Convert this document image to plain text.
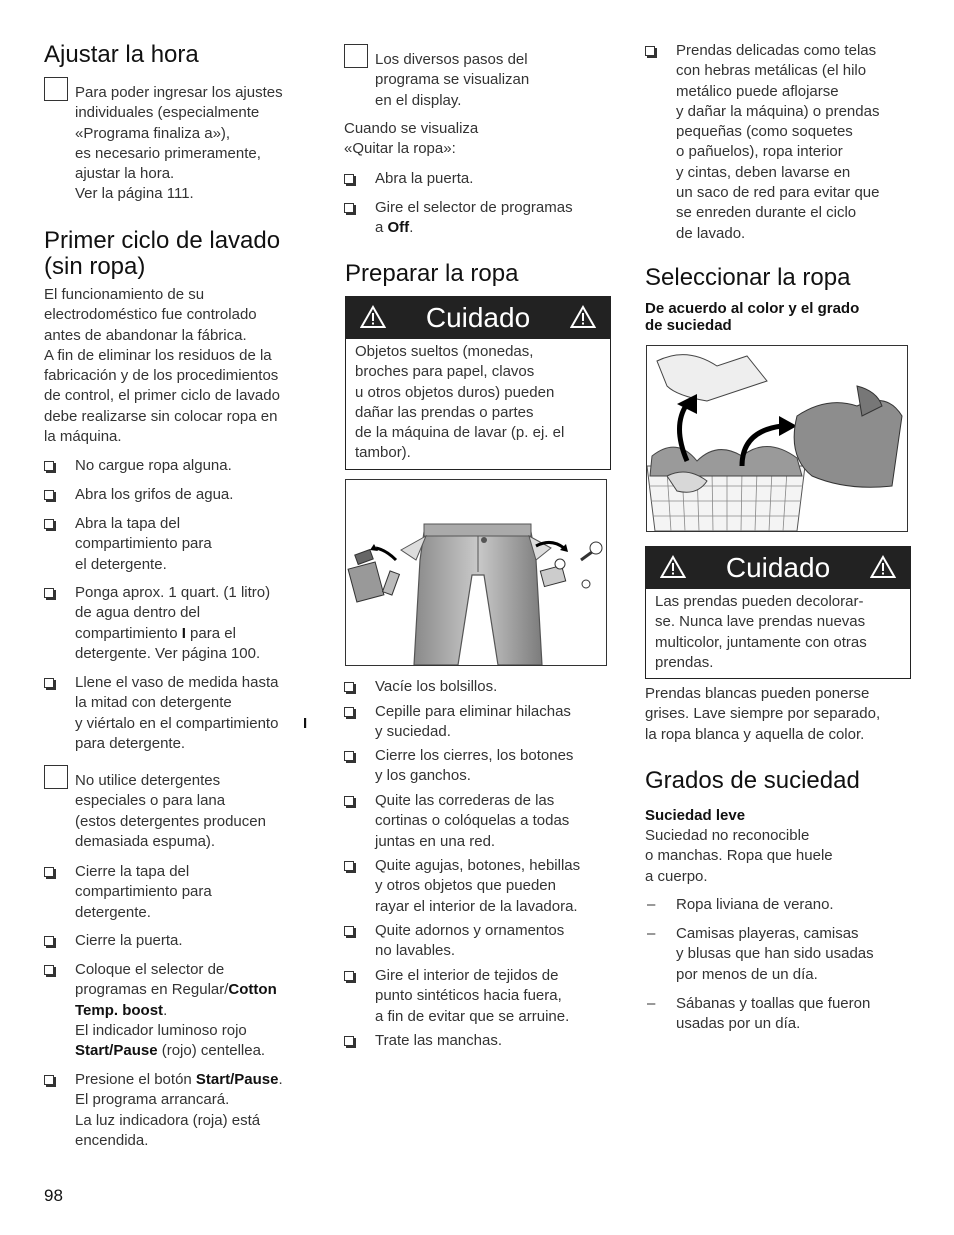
Ajustar la hora
Para poder ingresar los ajustes
individuales (especialmente
«Programa finaliza a»),
es necesario primeramente,
ajustar la hora.
Ver la página 111.
Primer ciclo de lavado
(sin ropa)
El funcionamiento de su
electrodoméstico fue controlado
antes de abandonar la fábrica.
A fin de eliminar los residuos de la
fabricación y de los procedimientos
de control, el primer ciclo de lavado
debe realizarse sin colocar ropa en
la máquina.
No cargue ropa alguna.
Abra los grifos de agua.
Abra la tapa del
compartimiento para
el detergente.
Ponga aprox. 1 quart. (1 litro)
de agua dentro del
compartimiento I para el
detergente. Ver página 100.
Llene el vaso de medida hasta
la mitad con detergente
y viértalo en el compartimiento I
para detergente.
No utilice detergentes
especiales o para lana
(estos detergentes producen
demasiada espuma).
Cierre la tapa del
compartimiento para
detergente.
Cierre la puerta.
Coloque el selector de
programas en Regular/Cotton
Temp. boost.
El indicador luminoso rojo
Start/Pause (rojo) centellea.
Presione el botón Start/Pause.
El programa arrancará.
La luz indicadora (roja) está
encendida.
98
Los diversos pasos del
programa se visualizan
en el display.
Cuando se visualiza
«Quitar la ropa»:
Abra la puerta.
Gire el selector de programas
a Off.
Preparar la ropa
Cuidado
Objetos sueltos (monedas,
broches para papel, clavos
u otros objetos duros) pueden
dañar las prendas o partes
de la máquina de lavar (p. ej. el
tambor).
Vacíe los bolsillos.
Cepille para eliminar hilachas
y suciedad.
Cierre los cierres, los botones
y los ganchos.
Quite las correderas de las
cortinas o colóquelas a todas
juntas en una red.
Quite agujas, botones, hebillas
y otros objetos que pueden
rayar el interior de la lavadora.
Quite adornos y ornamentos
no lavables.
Gire el interior de tejidos de
punto sintéticos hacia fuera,
a fin de evitar que se arruine.
Trate las manchas.
Prendas delicadas como telas
con hebras metálicas (el hilo
metálico puede aflojarse
y dañar la máquina) o prendas
pequeñas (como soquetes
o pañuelos), ropa interior
y cintas, deben lavarse en
un saco de red para evitar que
se enreden durante el ciclo
de lavado.
Seleccionar la ropa
De acuerdo al color y el grado
de suciedad
Cuidado
Las prendas pueden decolorar-
se. Nunca lave prendas nuevas
multicolor, juntamente con otras
prendas.
Prendas blancas pueden ponerse
grises. Lave siempre por separado,
la ropa blanca y aquella de color.
Grados de suciedad
Suciedad leve
Suciedad no reconocible
o manchas. Ropa que huele
a cuerpo.
– Ropa liviana de verano.
– Camisas playeras, camisas
y blusas que han sido usadas
por menos de un día.
– Sábanas y toallas que fueron
usadas por un día.
